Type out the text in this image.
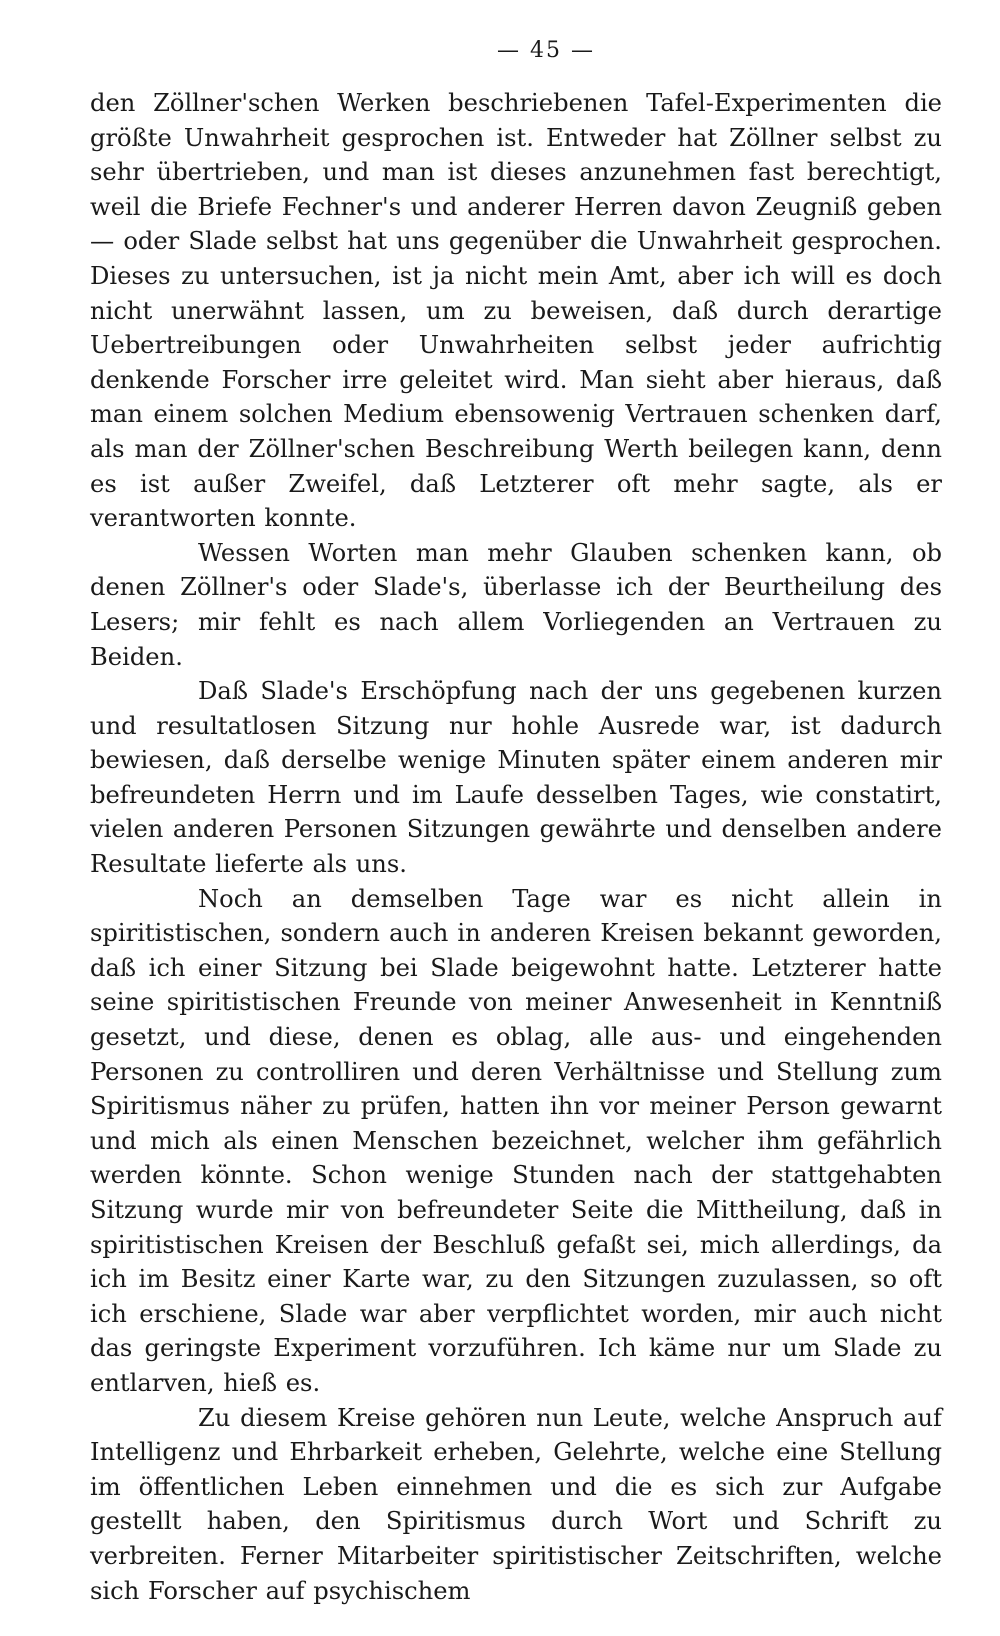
— 45 —

den Zöllner'schen Werken beschriebenen Tafel-Experimenten die größte Unwahrheit gesprochen ist. Entweder hat Zöllner selbst zu sehr übertrieben, und man ist dieses anzunehmen fast berechtigt, weil die Briefe Fechner's und anderer Herren davon Zeugniß geben — oder Slade selbst hat uns gegenüber die Unwahrheit gesprochen. Dieses zu untersuchen, ist ja nicht mein Amt, aber ich will es doch nicht unerwähnt lassen, um zu beweisen, daß durch derartige Uebertreibungen oder Unwahrheiten selbst jeder aufrichtig denkende Forscher irre geleitet wird. Man sieht aber hieraus, daß man einem solchen Medium ebensowenig Vertrauen schenken darf, als man der Zöllner'schen Beschreibung Werth beilegen kann, denn es ist außer Zweifel, daß Letzterer oft mehr sagte, als er verantworten konnte.

Wessen Worten man mehr Glauben schenken kann, ob denen Zöllner's oder Slade's, überlasse ich der Beurtheilung des Lesers; mir fehlt es nach allem Vorliegenden an Vertrauen zu Beiden.

Daß Slade's Erschöpfung nach der uns gegebenen kurzen und resultatlosen Sitzung nur hohle Ausrede war, ist dadurch bewiesen, daß derselbe wenige Minuten später einem anderen mir befreundeten Herrn und im Laufe desselben Tages, wie constatirt, vielen anderen Personen Sitzungen gewährte und denselben andere Resultate lieferte als uns.

Noch an demselben Tage war es nicht allein in spiritistischen, sondern auch in anderen Kreisen bekannt geworden, daß ich einer Sitzung bei Slade beigewohnt hatte. Letzterer hatte seine spiritistischen Freunde von meiner Anwesenheit in Kenntniß gesetzt, und diese, denen es oblag, alle aus- und eingehenden Personen zu controlliren und deren Verhältnisse und Stellung zum Spiritismus näher zu prüfen, hatten ihn vor meiner Person gewarnt und mich als einen Menschen bezeichnet, welcher ihm gefährlich werden könnte. Schon wenige Stunden nach der stattgehabten Sitzung wurde mir von befreundeter Seite die Mittheilung, daß in spiritistischen Kreisen der Beschluß gefaßt sei, mich allerdings, da ich im Besitz einer Karte war, zu den Sitzungen zuzulassen, so oft ich erschiene, Slade war aber verpflichtet worden, mir auch nicht das geringste Experiment vorzuführen. Ich käme nur um Slade zu entlarven, hieß es.

Zu diesem Kreise gehören nun Leute, welche Anspruch auf Intelligenz und Ehrbarkeit erheben, Gelehrte, welche eine Stellung im öffentlichen Leben einnehmen und die es sich zur Aufgabe gestellt haben, den Spiritismus durch Wort und Schrift zu verbreiten. Ferner Mitarbeiter spiritistischer Zeitschriften, welche sich Forscher auf psychischem
